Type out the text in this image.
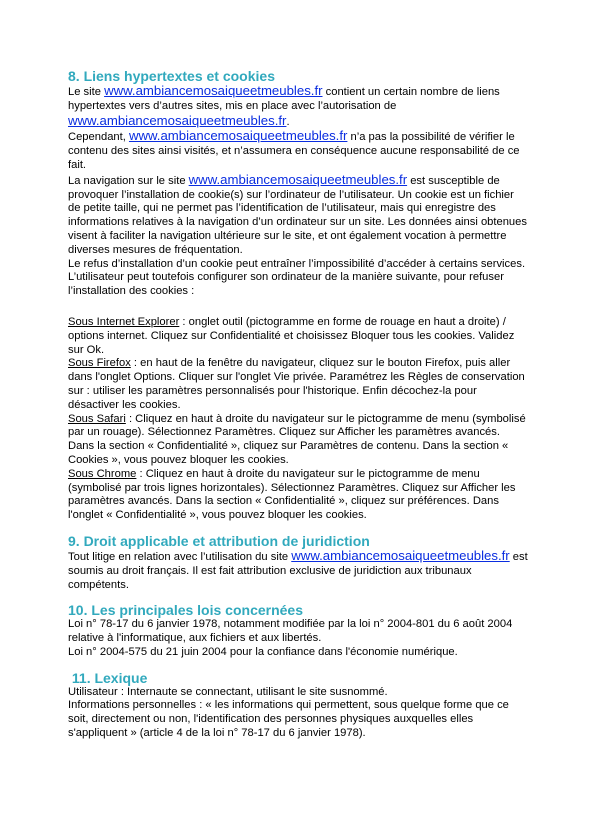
8. Liens hypertextes et cookies

Le site www.ambiancemosaiqueetmeubles.fr contient un certain nombre de liens hypertextes vers d’autres sites, mis en place avec l’autorisation de www.ambiancemosaiqueetmeubles.fr.

Cependant, www.ambiancemosaiqueetmeubles.fr n’a pas la possibilité de vérifier le contenu des sites ainsi visités, et n’assumera en conséquence aucune responsabilité de ce fait.

La navigation sur le site www.ambiancemosaiqueetmeubles.fr est susceptible de provoquer l’installation de cookie(s) sur l’ordinateur de l’utilisateur. Un cookie est un fichier de petite taille, qui ne permet pas l’identification de l’utilisateur, mais qui enregistre des informations relatives à la navigation d’un ordinateur sur un site. Les données ainsi obtenues visent à faciliter la navigation ultérieure sur le site, et ont également vocation à permettre diverses mesures de fréquentation.

Le refus d’installation d’un cookie peut entraîner l’impossibilité d’accéder à certains services. L’utilisateur peut toutefois configurer son ordinateur de la manière suivante, pour refuser l’installation des cookies :

Sous Internet Explorer : onglet outil (pictogramme en forme de rouage en haut a droite) / options internet. Cliquez sur Confidentialité et choisissez Bloquer tous les cookies. Validez sur Ok.

Sous Firefox : en haut de la fenêtre du navigateur, cliquez sur le bouton Firefox, puis aller dans l'onglet Options. Cliquer sur l'onglet Vie privée. Paramétrez les Règles de conservation sur : utiliser les paramètres personnalisés pour l'historique. Enfin décochez-la pour désactiver les cookies.

Sous Safari : Cliquez en haut à droite du navigateur sur le pictogramme de menu (symbolisé par un rouage). Sélectionnez Paramètres. Cliquez sur Afficher les paramètres avancés. Dans la section « Confidentialité », cliquez sur Paramètres de contenu. Dans la section « Cookies », vous pouvez bloquer les cookies.

Sous Chrome : Cliquez en haut à droite du navigateur sur le pictogramme de menu (symbolisé par trois lignes horizontales). Sélectionnez Paramètres. Cliquez sur Afficher les paramètres avancés. Dans la section « Confidentialité », cliquez sur préférences. Dans l'onglet « Confidentialité », vous pouvez bloquer les cookies.

9. Droit applicable et attribution de juridiction

Tout litige en relation avec l’utilisation du site www.ambiancemosaiqueetmeubles.fr est soumis au droit français. Il est fait attribution exclusive de juridiction aux tribunaux compétents.

10. Les principales lois concernées

Loi n° 78-17 du 6 janvier 1978, notamment modifiée par la loi n° 2004-801 du 6 août 2004 relative à l'informatique, aux fichiers et aux libertés.

Loi n° 2004-575 du 21 juin 2004 pour la confiance dans l'économie numérique.

11. Lexique

Utilisateur : Internaute se connectant, utilisant le site susnommé.

Informations personnelles : « les informations qui permettent, sous quelque forme que ce soit, directement ou non, l'identification des personnes physiques auxquelles elles s'appliquent » (article 4 de la loi n° 78-17 du 6 janvier 1978).
